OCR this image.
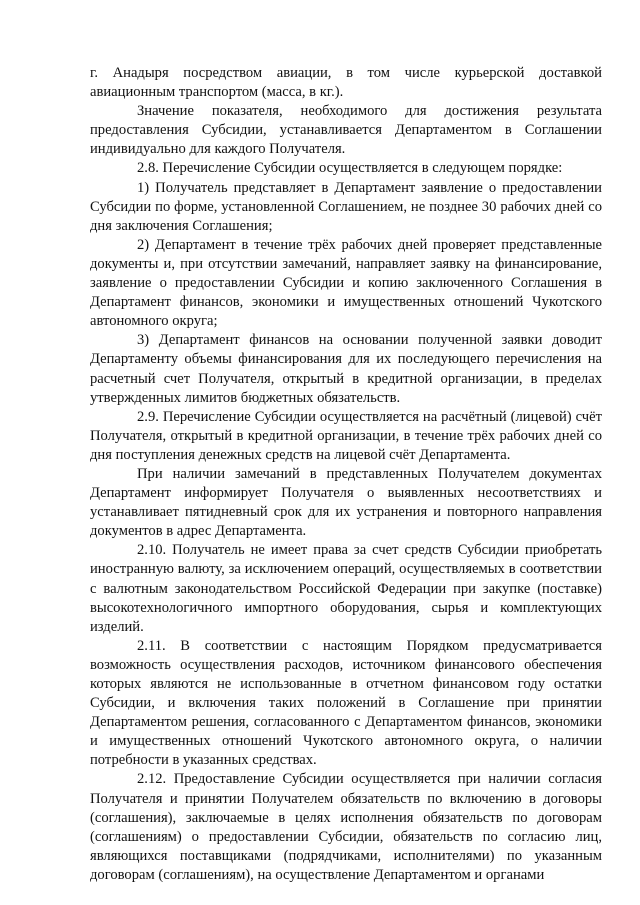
г. Анадыря посредством авиации, в том числе курьерской доставкой авиационным транспортом (масса, в кг.).

Значение показателя, необходимого для достижения результата предоставления Субсидии, устанавливается Департаментом в Соглашении индивидуально для каждого Получателя.

2.8. Перечисление Субсидии осуществляется в следующем порядке:

1) Получатель представляет в Департамент заявление о предоставлении Субсидии по форме, установленной Соглашением, не позднее 30 рабочих дней со дня заключения Соглашения;

2) Департамент в течение трёх рабочих дней проверяет представленные документы и, при отсутствии замечаний, направляет заявку на финансирование, заявление о предоставлении Субсидии и копию заключенного Соглашения в Департамент финансов, экономики и имущественных отношений Чукотского автономного округа;

3) Департамент финансов на основании полученной заявки доводит Департаменту объемы финансирования для их последующего перечисления на расчетный счет Получателя, открытый в кредитной организации, в пределах утвержденных лимитов бюджетных обязательств.

2.9. Перечисление Субсидии осуществляется на расчётный (лицевой) счёт Получателя, открытый в кредитной организации, в течение трёх рабочих дней со дня поступления денежных средств на лицевой счёт Департамента.

При наличии замечаний в представленных Получателем документах Департамент информирует Получателя о выявленных несоответствиях и устанавливает пятидневный срок для их устранения и повторного направления документов в адрес Департамента.

2.10. Получатель не имеет права за счет средств Субсидии приобретать иностранную валюту, за исключением операций, осуществляемых в соответствии с валютным законодательством Российской Федерации при закупке (поставке) высокотехнологичного импортного оборудования, сырья и комплектующих изделий.

2.11. В соответствии с настоящим Порядком предусматривается возможность осуществления расходов, источником финансового обеспечения которых являются не использованные в отчетном финансовом году остатки Субсидии, и включения таких положений в Соглашение при принятии Департаментом решения, согласованного с Департаментом финансов, экономики и имущественных отношений Чукотского автономного округа, о наличии потребности в указанных средствах.

2.12. Предоставление Субсидии осуществляется при наличии согласия Получателя и принятии Получателем обязательств по включению в договоры (соглашения), заключаемые в целях исполнения обязательств по договорам (соглашениям) о предоставлении Субсидии, обязательств по согласию лиц, являющихся поставщиками (подрядчиками, исполнителями) по указанным договорам (соглашениям), на осуществление Департаментом и органами
